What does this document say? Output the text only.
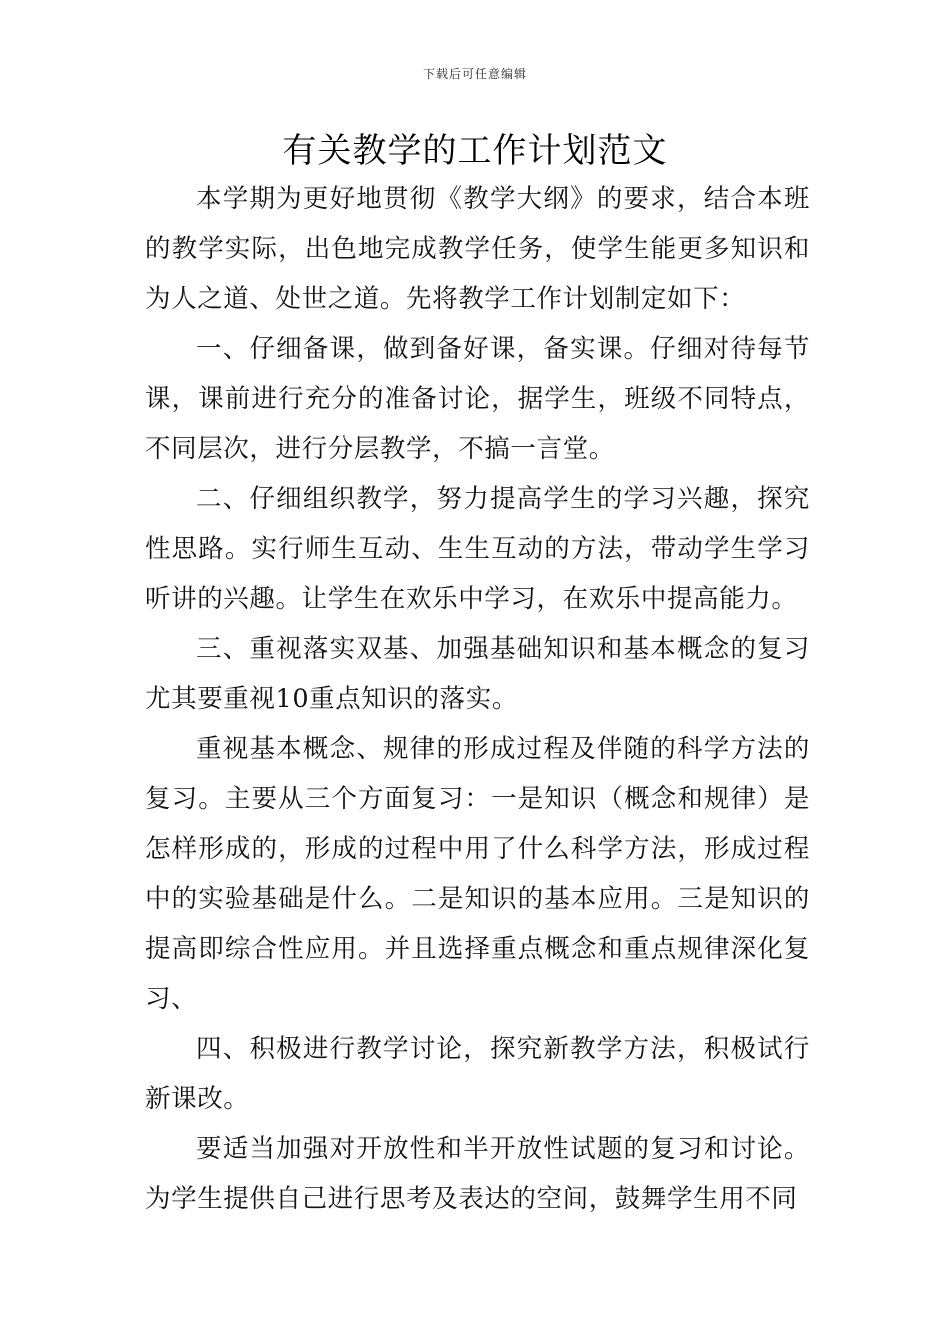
下载后可任意编辑
有关教学的工作计划范文

本学期为更好地贯彻《教学大纲》的要求，结合本班的教学实际，出色地完成教学任务，使学生能更多知识和为人之道、处世之道。先将教学工作计划制定如下：

一、仔细备课，做到备好课，备实课。仔细对待每节课，课前进行充分的准备讨论，据学生，班级不同特点，不同层次，进行分层教学，不搞一言堂。

二、仔细组织教学，努力提高学生的学习兴趣，探究性思路。实行师生互动、生生互动的方法，带动学生学习听讲的兴趣。让学生在欢乐中学习，在欢乐中提高能力。

三、重视落实双基、加强基础知识和基本概念的复习尤其要重视10重点知识的落实。

重视基本概念、规律的形成过程及伴随的科学方法的复习。主要从三个方面复习：一是知识（概念和规律）是怎样形成的，形成的过程中用了什么科学方法，形成过程中的实验基础是什么。二是知识的基本应用。三是知识的提高即综合性应用。并且选择重点概念和重点规律深化复习、

四、积极进行教学讨论，探究新教学方法，积极试行新课改。

要适当加强对开放性和半开放性试题的复习和讨论。为学生提供自己进行思考及表达的空间，鼓舞学生用不同
